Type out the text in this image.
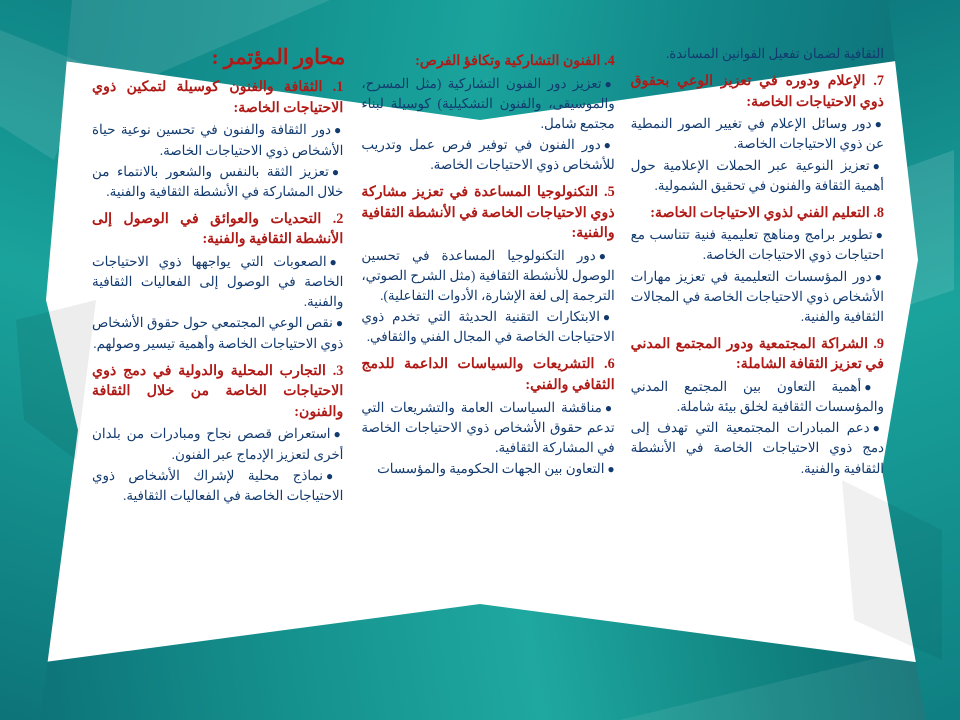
الثقافية لضمان تفعيل القوانين المساندة.

7. الإعلام ودوره في تعزيز الوعي بحقوق ذوي الاحتياجات الخاصة:

●دور وسائل الإعلام في تغيير الصور النمطية عن ذوي الاحتياجات الخاصة.

●تعزيز النوعية عبر الحملات الإعلامية حول أهمية الثقافة والفنون في تحقيق الشمولية.

8. التعليم الفني لذوي الاحتياجات الخاصة:

●تطوير برامج ومناهج تعليمية فنية تتناسب مع احتياجات ذوي الاحتياجات الخاصة.

●دور المؤسسات التعليمية في تعزيز مهارات الأشخاص ذوي الاحتياجات الخاصة في المجالات الثقافية والفنية.

9. الشراكة المجتمعية ودور المجتمع المدني في تعزيز الثقافة الشاملة:

●أهمية التعاون بين المجتمع المدني والمؤسسات الثقافية لخلق بيئة شاملة.

●دعم المبادرات المجتمعية التي تهدف إلى دمج ذوي الاحتياجات الخاصة في الأنشطة الثقافية والفنية.

4. الفنون التشاركية وتكافؤ الفرص:

●تعزيز دور الفنون التشاركية (مثل المسرح، والموسيقى، والفنون التشكيلية) كوسيلة لبناء مجتمع شامل.

●دور الفنون في توفير فرص عمل وتدريب للأشخاص ذوي الاحتياجات الخاصة.

5. التكنولوجيا المساعدة في تعزيز مشاركة ذوي الاحتياجات الخاصة في الأنشطة الثقافية والفنية:

●دور التكنولوجيا المساعدة في تحسين الوصول للأنشطة الثقافية (مثل الشرح الصوتي، الترجمة إلى لغة الإشارة، الأدوات التفاعلية).

●الابتكارات التقنية الحديثة التي تخدم ذوي الاحتياجات الخاصة في المجال الفني والثقافي.

6. التشريعات والسياسات الداعمة للدمج الثقافي والفني:

●مناقشة السياسات العامة والتشريعات التي تدعم حقوق الأشخاص ذوي الاحتياجات الخاصة في المشاركة الثقافية.

●التعاون بين الجهات الحكومية والمؤسسات

محاور المؤتمر :

1. الثقافة والفنون كوسيلة لتمكين ذوي الاحتياجات الخاصة:

●دور الثقافة والفنون في تحسين نوعية حياة الأشخاص ذوي الاحتياجات الخاصة.

●تعزيز الثقة بالنفس والشعور بالانتماء من خلال المشاركة في الأنشطة الثقافية والفنية.

2. التحديات والعوائق في الوصول إلى الأنشطة الثقافية والفنية:

●الصعوبات التي يواجهها ذوي الاحتياجات الخاصة في الوصول إلى الفعاليات الثقافية والفنية.

●نقص الوعي المجتمعي حول حقوق الأشخاص ذوي الاحتياجات الخاصة وأهمية تيسير وصولهم.

3. التجارب المحلية والدولية في دمج ذوي الاحتياجات الخاصة من خلال الثقافة والفنون:

●استعراض قصص نجاح ومبادرات من بلدان أخرى لتعزيز الإدماج عبر الفنون.

●نماذج محلية لإشراك الأشخاص ذوي الاحتياجات الخاصة في الفعاليات الثقافية.
